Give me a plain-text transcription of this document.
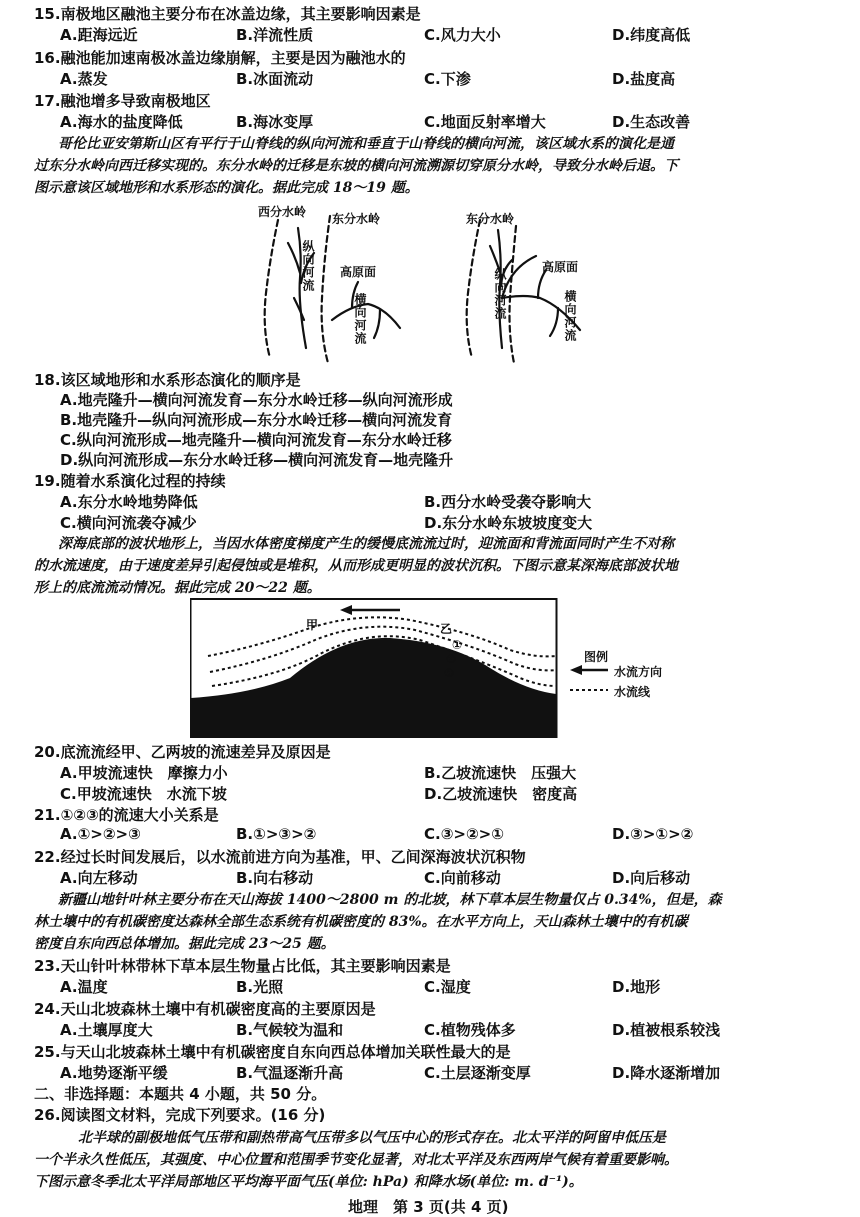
15.南极地区融池主要分布在冰盖边缘，其主要影响因素是
A.距海远近	B.洋流性质	C.风力大小	D.纬度高低
16.融池能加速南极冰盖边缘崩解，主要是因为融池水的
A.蒸发	B.冰面流动	C.下渗	D.盐度高
17.融池增多导致南极地区
A.海水的盐度降低	B.海冰变厚	C.地面反射率增大	D.生态改善
哥伦比亚安第斯山区有平行于山脊线的纵向河流和垂直于山脊线的横向河流，该区域水系的演化是通
过东分水岭向西迁移实现的。东分水岭的迁移是东坡的横向河流溯源切穿原分水岭，导致分水岭后退。下
图示意该区域地形和水系形态的演化。据此完成 18～19 题。
西分水岭 东分水岭
高原面
纵向河流
横向河流
东分水岭
高原面
纵向河流	横向河流
18.该区域地形和水系形态演化的顺序是
A.地壳隆升—横向河流发育—东分水岭迁移—纵向河流形成
B.地壳隆升—纵向河流形成—东分水岭迁移—横向河流发育
C.纵向河流形成—地壳隆升—横向河流发育—东分水岭迁移
D.纵向河流形成—东分水岭迁移—横向河流发育—地壳隆升
19.随着水系演化过程的持续
A.东分水岭地势降低	B.西分水岭受袭夺影响大
C.横向河流袭夺减少	D.东分水岭东坡坡度变大
深海底部的波状地形上，当因水体密度梯度产生的缓慢底流流过时，迎流面和背流面同时产生不对称
的水流速度，由于速度差异引起侵蚀或是堆积，从而形成更明显的波状沉积。下图示意某深海底部波状地
形上的底流流动情况。据此完成 20～22 题。
甲	乙
①
②
③
图例
水流方向
水流线
20.底流流经甲、乙两坡的流速差异及原因是
A.甲坡流速快　摩擦力小	B.乙坡流速快　压强大
C.甲坡流速快　水流下坡	D.乙坡流速快　密度高
21.①②③的流速大小关系是
A.①>②>③	B.①>③>②	C.③>②>①	D.③>①>②
22.经过长时间发展后，以水流前进方向为基准，甲、乙间深海波状沉积物
A.向左移动	B.向右移动	C.向前移动	D.向后移动
新疆山地针叶林主要分布在天山海拔 1400～2800 m 的北坡，林下草本层生物量仅占 0.34%，但是，森
林土壤中的有机碳密度达森林全部生态系统有机碳密度的 83%。在水平方向上，天山森林土壤中的有机碳
密度自东向西总体增加。据此完成 23～25 题。
23.天山针叶林带林下草本层生物量占比低，其主要影响因素是
A.温度	B.光照	C.湿度	D.地形
24.天山北坡森林土壤中有机碳密度高的主要原因是
A.土壤厚度大	B.气候较为温和	C.植物残体多	D.植被根系较浅
25.与天山北坡森林土壤中有机碳密度自东向西总体增加关联性最大的是
A.地势逐渐平缓	B.气温逐渐升高	C.土层逐渐变厚	D.降水逐渐增加
二、非选择题：本题共 4 小题，共 50 分。
26.阅读图文材料，完成下列要求。(16 分)
北半球的副极地低气压带和副热带高气压带多以气压中心的形式存在。北太平洋的阿留申低压是
一个半永久性低压，其强度、中心位置和范围季节变化显著，对北太平洋及东西两岸气候有着重要影响。
下图示意冬季北太平洋局部地区平均海平面气压(单位: hPa) 和降水场(单位: m. d⁻¹)。
地理　第 3 页(共 4 页)
